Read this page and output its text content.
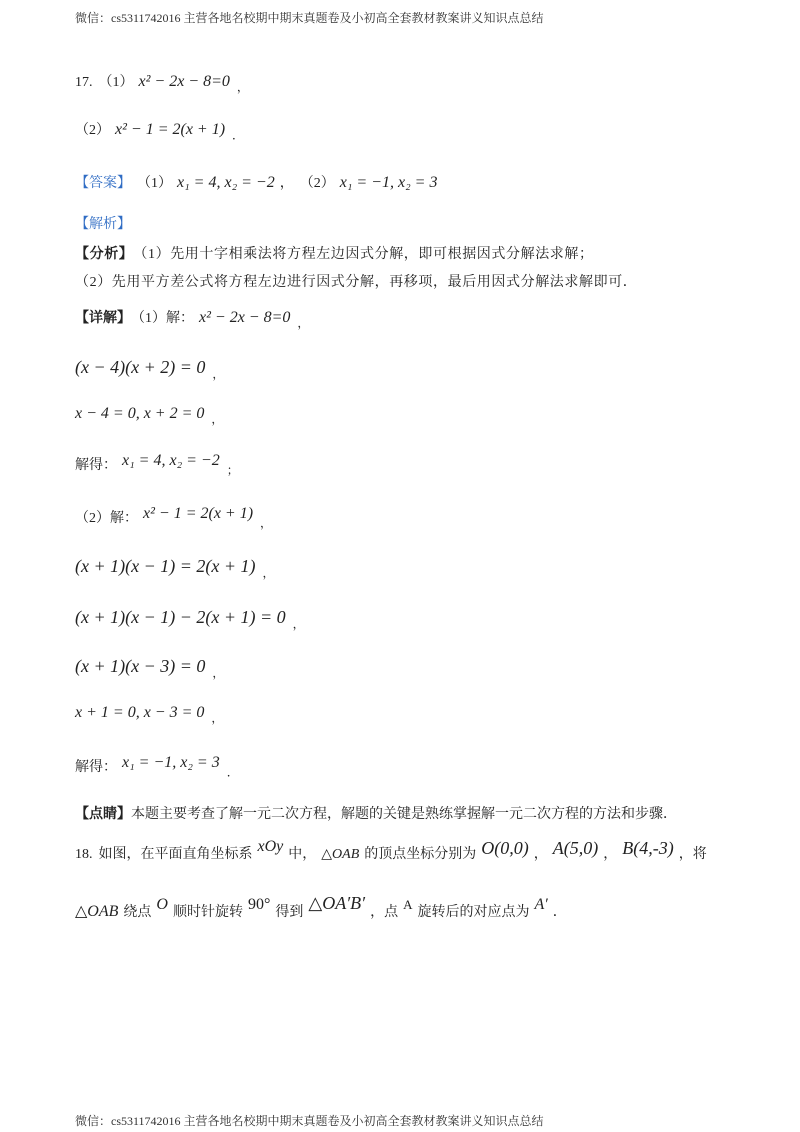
微信：cs5311742016 主营各地名校期中期末真题卷及小初高全套教材教案讲义知识点总结
17. （1） x² − 2x − 8=0 ，
（2） x² − 1 = 2(x + 1) ．
【答案】 （1） x₁ = 4, x₂ = −2 ， （2） x₁ = −1, x₂ = 3
【解析】
【分析】 （1）先用十字相乘法将方程左边因式分解，即可根据因式分解法求解；
（2）先用平方差公式将方程左边进行因式分解，再移项，最后用因式分解法求解即可．
【详解】 （1）解： x² − 2x − 8=0 ，
(x − 4)(x + 2) = 0 ，
x − 4 = 0, x + 2 = 0 ，
解得： x₁ = 4, x₂ = −2
；
（2）解： x² − 1 = 2(x + 1)
，
(x + 1)(x − 1) = 2(x + 1) ，
(x + 1)(x − 1) − 2(x + 1) = 0 ，
(x + 1)(x − 3) = 0 ，
x + 1 = 0, x − 3 = 0 ，
解得： x₁ = −1, x₂ = 3
．
【点睛】 本题主要考查了解一元二次方程，解题的关键是熟练掌握解一元二次方程的方法和步骤．
18. 如图，在平面直角坐标系 xOy 中， △OAB 的顶点坐标分别为 O(0,0) ， A(5,0) ， B(4,-3) ，将
△OAB 绕点 O 顺时针旋转 90° 得到 △OA′B′ ，点
A
旋转后的对应点为 A′ ．
微信：cs5311742016 主营各地名校期中期末真题卷及小初高全套教材教案讲义知识点总结
